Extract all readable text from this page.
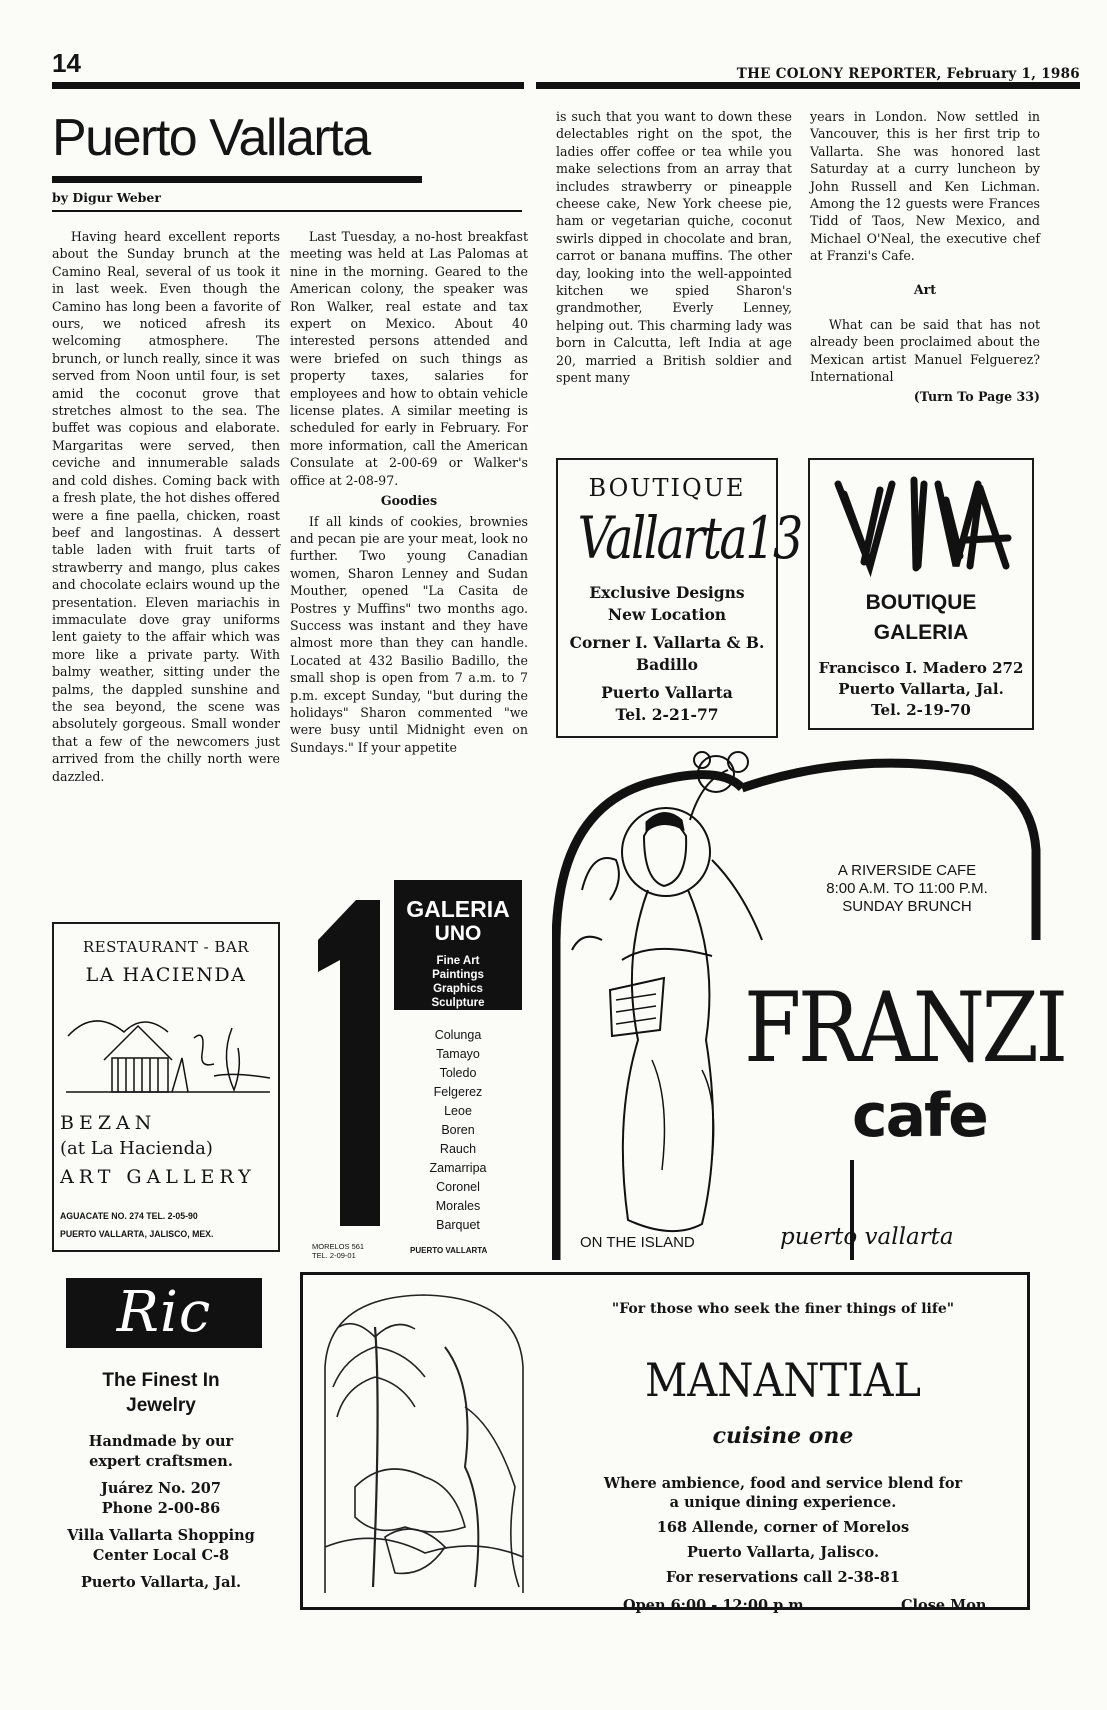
14	THE COLONY REPORTER, February 1, 1986
Puerto Vallarta
by Digur Weber

Having heard excellent reports about the Sunday brunch at the Camino Real, several of us took it in last week. Even though the Camino has long been a favorite of ours, we noticed afresh its welcoming atmosphere. The brunch, or lunch really, since it was served from Noon until four, is set amid the coconut grove that stretches almost to the sea. The buffet was copious and elaborate. Margaritas were served, then ceviche and innumerable salads and cold dishes. Coming back with a fresh plate, the hot dishes offered were a fine paella, chicken, roast beef and langostinas. A dessert table laden with fruit tarts of strawberry and mango, plus cakes and chocolate eclairs wound up the presentation. Eleven mariachis in immaculate dove gray uniforms lent gaiety to the affair which was more like a private party. With balmy weather, sitting under the palms, the dappled sunshine and the sea beyond, the scene was absolutely gorgeous. Small wonder that a few of the newcomers just arrived from the chilly north were dazzled.

Last Tuesday, a no-host breakfast meeting was held at Las Palomas at nine in the morning. Geared to the American colony, the speaker was Ron Walker, real estate and tax expert on Mexico. About 40 interested persons attended and were briefed on such things as property taxes, salaries for employees and how to obtain vehicle license plates. A similar meeting is scheduled for early in February. For more information, call the American Consulate at 2-00-69 or Walker's office at 2-08-97.

Goodies

If all kinds of cookies, brownies and pecan pie are your meat, look no further. Two young Canadian women, Sharon Lenney and Sudan Mouther, opened "La Casita de Postres y Muffins" two months ago. Success was instant and they have almost more than they can handle. Located at 432 Basilio Badillo, the small shop is open from 7 a.m. to 7 p.m. except Sunday, "but during the holidays" Sharon commented "we were busy until Midnight even on Sundays." If your appetite

is such that you want to down these delectables right on the spot, the ladies offer coffee or tea while you make selections from an array that includes strawberry or pineapple cheese cake, New York cheese pie, ham or vegetarian quiche, coconut swirls dipped in chocolate and bran, carrot or banana muffins. The other day, looking into the well-appointed kitchen we spied Sharon's grandmother, Everly Lenney, helping out. This charming lady was born in Calcutta, left India at age 20, married a British soldier and spent many

years in London. Now settled in Vancouver, this is her first trip to Vallarta. She was honored last Saturday at a curry luncheon by John Russell and Ken Lichman. Among the 12 guests were Frances Tidd of Taos, New Mexico, and Michael O'Neal, the executive chef at Franzi's Cafe.

Art

What can be said that has not already been proclaimed about the Mexican artist Manuel Felguerez? International

(Turn To Page 33)

BOUTIQUE
Vallarta13
Exclusive Designs
New Location
Corner I. Vallarta & B.
Badillo
Puerto Vallarta
Tel. 2-21-77
BOUTIQUE
GALERIA
Francisco I. Madero 272
Puerto Vallarta, Jal.
Tel. 2-19-70
RESTAURANT - BAR
LA HACIENDA
BEZAN
(at La Hacienda)
ART GALLERY
AGUACATE NO. 274 TEL. 2-05-90
PUERTO VALLARTA, JALISCO, MEX.
GALERIA
UNO
Fine Art
Paintings
Graphics
Sculpture
Colunga
Tamayo
Toledo
Felgerez
Leoe
Boren
Rauch
Zamarripa
Coronel
Morales
Barquet
MORELOS 561
TEL. 2-09-01
PUERTO VALLARTA
A RIVERSIDE CAFE
8:00 A.M. TO 11:00 P.M.
SUNDAY BRUNCH
FRANZI
cafe
ON THE ISLAND	puerto vallarta
Ric
The Finest In
Jewelry
Handmade by our
expert craftsmen.
Juárez No. 207
Phone 2-00-86
Villa Vallarta Shopping
Center Local C-8
Puerto Vallarta, Jal.
"For those who seek the finer things of life"
MANANTIAL
cuisine one
Where ambience, food and service blend for
a unique dining experience.
168 Allende, corner of Morelos
Puerto Vallarta, Jalisco.
For reservations call 2-38-81
Open 6:00 - 12:00 p.m.	Close Mon.
